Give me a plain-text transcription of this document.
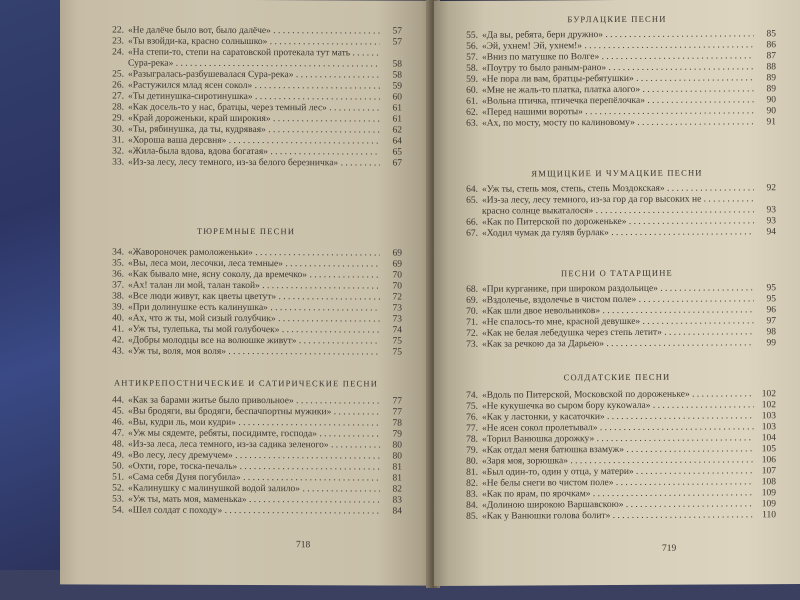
22. «Не далёче было вот, было далёче» . . .	57
23. «Ты взойди-ка, красно солнышко» . . .	57
24. «На степи-то, степи на саратовской протекала тут мать . . .
Сура-река» . . .	58
25. «Разыгралась-разбушевалася Сура-река» . . .	58
26. «Растужился млад ясен сокол» . . .	59
27. «Ты детинушка-сиротинушка» . . .	60
28. «Как досель-то у нас, братцы, через темный лес» . . .	61
29. «Край дороженьки, край широкия» . . .	61
30. «Ты, рябинушка, да ты, кудрявая» . . .	62
31. «Хороша ваша дерсвня» . . .	64
32. «Жила-была вдова, вдова богатая» . . .	65
33. «Из-за лесу, лесу темного, из-за белого березничка» . . .	67
ТЮРЕМНЫЕ ПЕСНИ
34. «Жавороночек рамоложеньки» . . .	69
35. «Вы, леса мои, лесочки, леса темные» . . .	69
36. «Как бывало мне, ясну соколу, да времечко» . . .	70
37. «Ах! талан ли мой, талан такой» . . .	70
38. «Все люди живут, как цветы цветут» . . .	72
39. «При долинушке есть калинушка» . . .	73
40. «Ах, что ж ты, мой сизый голубчик» . . .	73
41. «Уж ты, тулепька, ты мой голубочек» . . .	74
42. «Добры молодцы все на волюшке живут» . . .	75
43. «Уж ты, воля, моя воля» . . .	75
АНТИКРЕПОСТНИЧЕСКИЕ И САТИРИЧЕСКИЕ ПЕСНИ
44. «Как за барами житье было привольное» . . .	77
45. «Вы бродяги, вы бродяги, беспачпортны мужики» . . .	77
46. «Вы, кудри ль, мои кудри» . . .	78
47. «Уж мы сядемте, ребяты, посидимте, господа» . . .	79
48. «Из-за леса, леса темного, из-за садика зеленого» . . .	80
49. «Во лесу, лесу дремучем» . . .	80
50. «Охти, горе, тоска-печаль» . . .	81
51. «Сама себя Дуня погубила» . . .	81
52. «Калинушку с малинушкой водой залило» . . .	82
53. «Уж ты, мать моя, маменька» . . .	83
54. «Шел солдат с походу» . . .	84
718
БУРЛАЦКИЕ ПЕСНИ
55. «Да вы, ребята, берн дружно» . . .	85
56. «Эй, ухнем! Эй, ухнем!» . . .	86
57. «Вниз по матушке по Волге» . . .	87
58. «Поутру то было раным-рано» . . .	88
59. «Не пора ли вам, братцы-ребятушки» . . .	89
60. «Мне не жаль-то платка, платка алого» . . .	89
61. «Вольна птичка, птичечка перепёлочка» . . .	90
62. «Перед нашими вороты» . . .	90
63. «Ах, по мосту, мосту по калиновому» . . .	91
ЯМЩИЦКИЕ И ЧУМАЦКИЕ ПЕСНИ
64. «Уж ты, степь моя, степь, степь Моздокская» . . .	92
65. «Из-за лесу, лесу темного, из-за гор да гор высоких не . . .
красно солнце выкаталося» . . .	93
66. «Как по Питерской по дороженьке» . . .	93
67. «Ходил чумак да гуляв бурлак» . . .	94
ПЕСНИ О ТАТАРЩИНЕ
68. «При курганике, при широком раздольице» . . .	95
69. «Вздолечье, вздолечье в чистом поле» . . .	95
70. «Как шли двое невольников» . . .	96
71. «Не спалось-то мне, красной девушке» . . .	97
72. «Как не белая лебедушка через степь летит» . . .	98
73. «Как за речкою да за Дарьею» . . .	99
СОЛДАТСКИЕ ПЕСНИ
74. «Вдоль по Питерской, Московской по дороженьке» . . .	102
75. «Не кукушечка во сыром бору кукowала» . . .	102
76. «Как у ластонки, у касаточки» . . .	103
77. «Не ясен сокол пролетывал» . . .	103
78. «Торил Ванюшка дорожку» . . .	104
79. «Как отдал меня батюшка взамуж» . . .	105
80. «Заря моя, зорюшка» . . .	106
81. «Был один-то, один у отца, у матери» . . .	107
82. «Не белы снеги во чистом поле» . . .	108
83. «Как по ярам, по ярочкам» . . .	109
84. «Долиною широкою Варшавскою» . . .	109
85. «Как у Ванюшки голова болит» . . .	110
719
